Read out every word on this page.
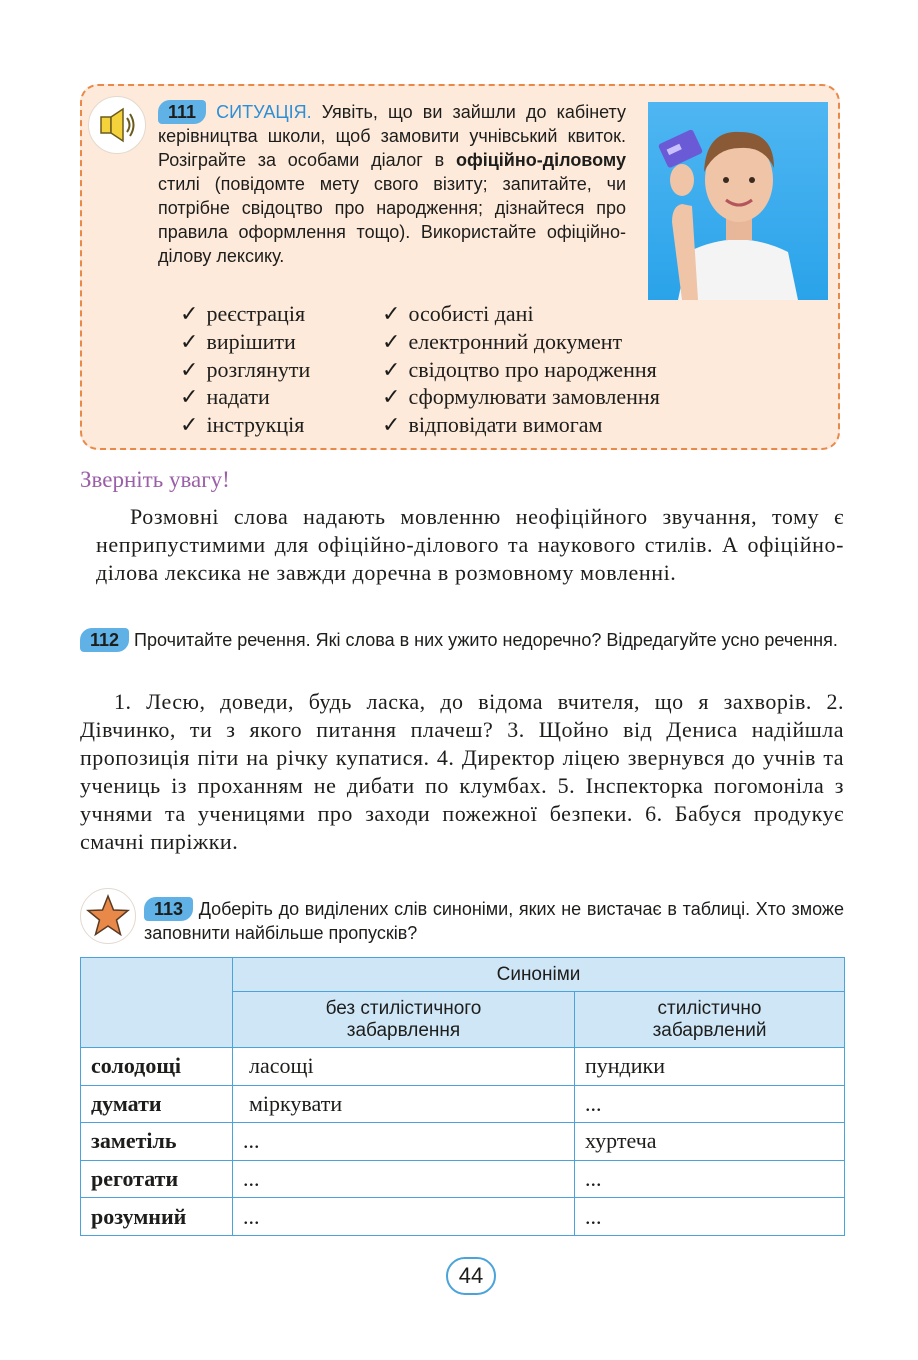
111 СИТУАЦІЯ. Уявіть, що ви зайшли до кабінету керівництва школи, щоб замовити учнівський квиток. Розіграйте за особами діалог в офіційно-діловому стилі (повідомте мету свого візиту; запитайте, чи потрібне свідоцтво про народження; дізнайтеся про правила оформлення тощо). Використайте офіційно-ділову лексику.

✓ реєстрація
✓ вирішити
✓ розглянути
✓ надати
✓ інструкція
✓ особисті дані
✓ електронний документ
✓ свідоцтво про народження
✓ сформулювати замовлення
✓ відповідати вимогам
Зверніть увагу!

Розмовні слова надають мовленню неофіційного звучання, тому є неприпустимими для офіційно-ділового та наукового стилів. А офіційно-ділова лексика не завжди доречна в розмовному мовленні.

112 Прочитайте речення. Які слова в них ужито недоречно? Відредагуйте усно речення.

1. Лесю, доведи, будь ласка, до відома вчителя, що я захворів. 2. Дівчинко, ти з якого питання плачеш? 3. Щойно від Дениса надійшла пропозиція піти на річку купатися. 4. Директор ліцею звернувся до учнів та учениць із проханням не дибати по клумбах. 5. Інспекторка погомоніла з учнями та ученицями про заходи пожежної безпеки. 6. Бабуся продукує смачні пиріжки.

113 Доберіть до виділених слів синоніми, яких не вистачає в таблиці. Хто зможе заповнити найбільше пропусків?

	Синоніми	
	без стилістичного забарвлення	стилістично забарвлений
солодощі	ласощі	пундики
думати	міркувати	...
заметіль	...	хуртеча
реготати	...	...
розумний	...	...
44
